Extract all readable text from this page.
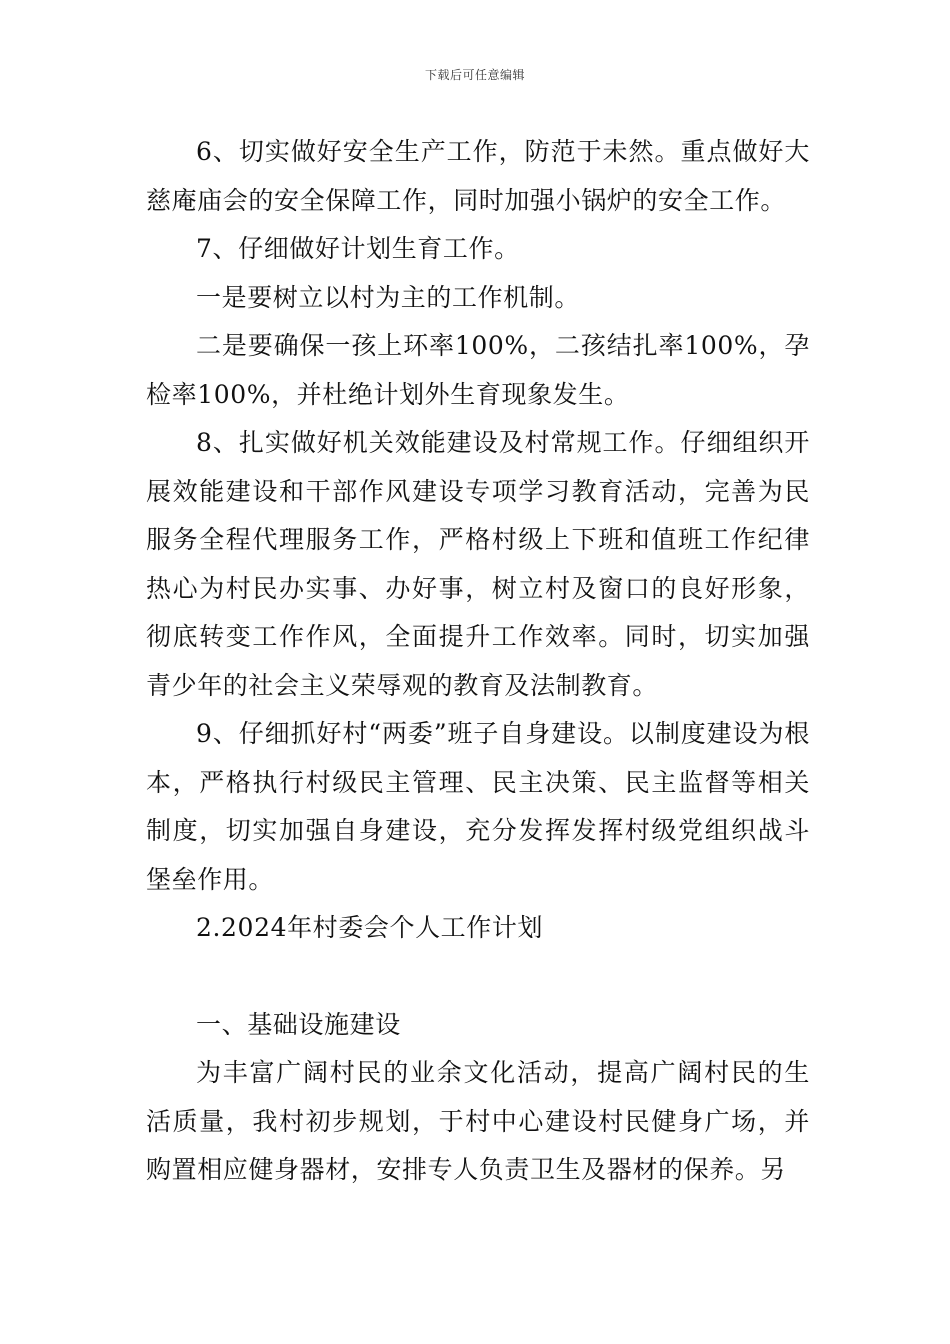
下载后可任意编辑

6、切实做好安全生产工作，防范于未然。重点做好大慈庵庙会的安全保障工作，同时加强小锅炉的安全工作。

7、仔细做好计划生育工作。

一是要树立以村为主的工作机制。

二是要确保一孩上环率100%，二孩结扎率100%，孕检率100%，并杜绝计划外生育现象发生。

8、扎实做好机关效能建设及村常规工作。仔细组织开展效能建设和干部作风建设专项学习教育活动，完善为民服务全程代理服务工作，严格村级上下班和值班工作纪律热心为村民办实事、办好事，树立村及窗口的良好形象，彻底转变工作作风，全面提升工作效率。同时，切实加强青少年的社会主义荣辱观的教育及法制教育。

9、仔细抓好村“两委”班子自身建设。以制度建设为根本，严格执行村级民主管理、民主决策、民主监督等相关制度，切实加强自身建设，充分发挥发挥村级党组织战斗堡垒作用。

2.2024年村委会个人工作计划

一、基础设施建设

为丰富广阔村民的业余文化活动，提高广阔村民的生活质量，我村初步规划，于村中心建设村民健身广场，并购置相应健身器材，安排专人负责卫生及器材的保养。另
